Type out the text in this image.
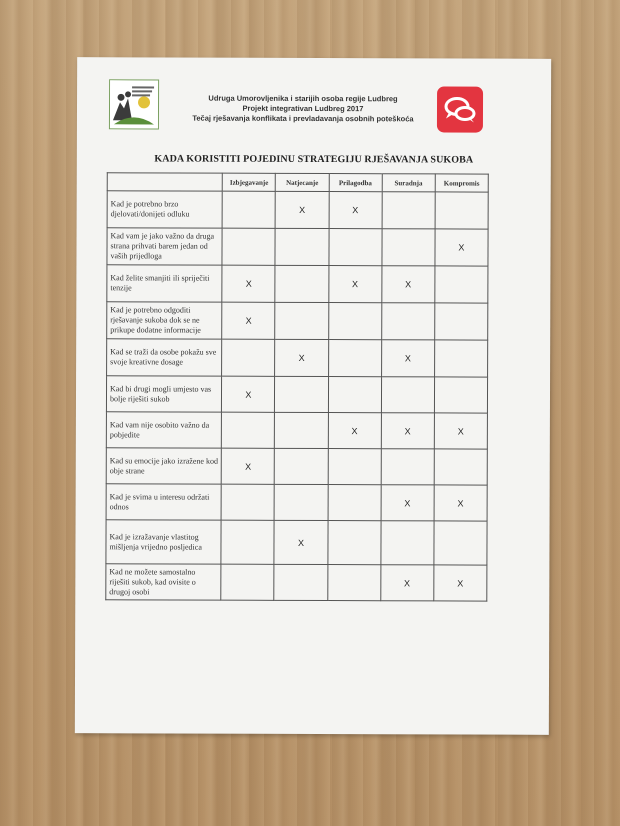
Udruga Umorovljenika i starijih osoba regije Ludbreg
Projekt integrativan Ludbreg 2017
Tečaj rješavanja konflikata i prevladavanja osobnih poteškoća
KADA KORISTITI POJEDINU STRATEGIJU RJEŠAVANJA SUKOBA
	Izbjegavanje	Natjecanje	Prilagodba	Suradnja	Kompromis
Kad je potrebno brzo djelovati/donijeti odluku		X	X		
Kad vam je jako važno da druga strana prihvati barem jedan od vaših prijedloga					X
Kad želite smanjiti ili spriječiti tenzije	X		X	X	
Kad je potrebno odgoditi rješavanje sukoba dok se ne prikupe dodatne informacije	X				
Kad se traži da osobe pokažu sve svoje kreativne dosage		X		X	
Kad bi drugi mogli umjesto vas bolje riješiti sukob	X				
Kad vam nije osobito važno da pobjedite			X	X	X
Kad su emocije jako izražene kod obje strane	X				
Kad je svima u interesu održati odnos				X	X
Kad je izražavanje vlastitog mišljenja vrijedno posljedica		X			
Kad ne možete samostalno riješiti sukob, kad ovisite o drugoj osobi				X	X
